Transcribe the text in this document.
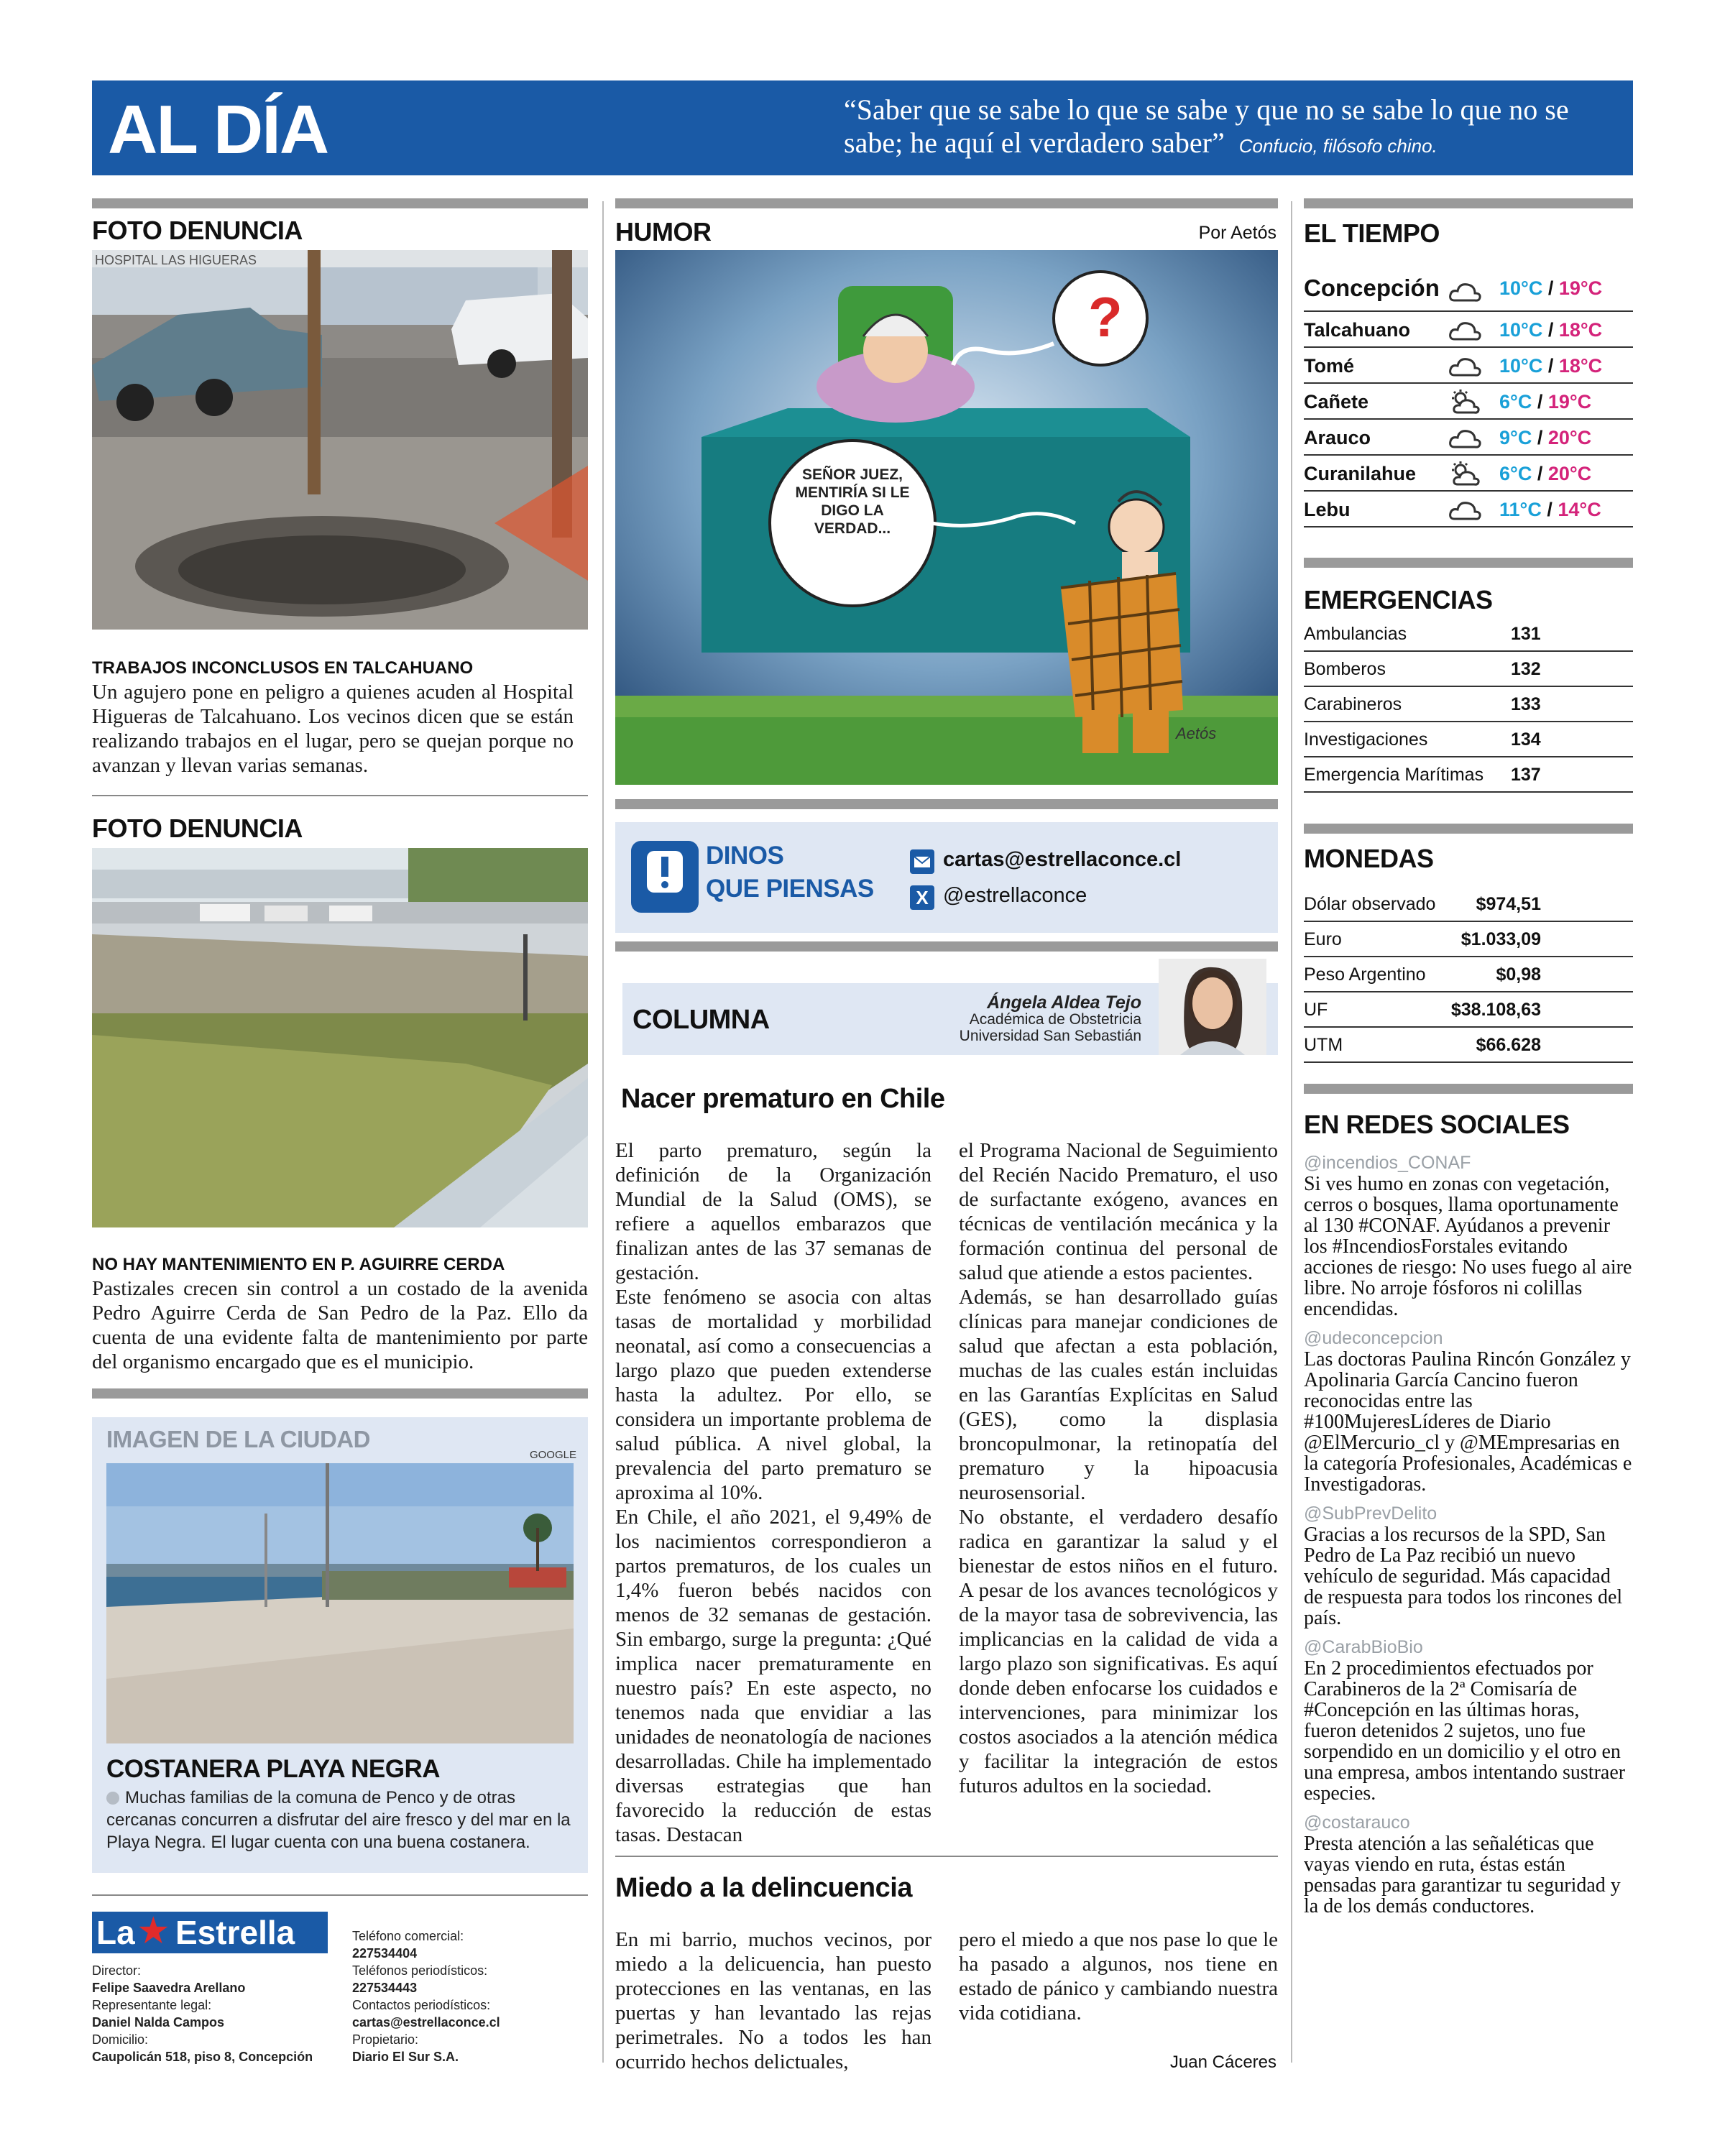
AL DÍA	“Saber que se sabe lo que se sabe y que no se sabe lo que no se sabe; he aquí el verdadero saber” Confucio, filósofo chino.
FOTO DENUNCIA
HOSPITAL LAS HIGUERAS
TRABAJOS INCONCLUSOS EN TALCAHUANO
Un agujero pone en peligro a quienes acuden al Hospital Higueras de Talcahuano. Los vecinos dicen que se están realizando trabajos en el lugar, pero se quejan porque no avanzan y llevan varias semanas.
FOTO DENUNCIA
NO HAY MANTENIMIENTO EN P. AGUIRRE CERDA
Pastizales crecen sin control a un costado de la avenida Pedro Aguirre Cerda de San Pedro de la Paz. Ello da cuenta de una evidente falta de mantenimiento por parte del organismo encargado que es el municipio.
IMAGEN DE LA CIUDAD
GOOGLE
COSTANERA PLAYA NEGRA
Muchas familias de la comuna de Penco y de otras cercanas concurren a disfrutar del aire fresco y del mar en la Playa Negra. El lugar cuenta con una buena costanera.
La ★ Estrella
Director:
Felipe Saavedra Arellano
Representante legal:
Daniel Nalda Campos
Domicilio:
Caupolicán 518, piso 8, Concepción
Teléfono comercial:
227534404
Teléfonos periodísticos:
227534443
Contactos periodísticos:
cartas@estrellaconce.cl
Propietario:
Diario El Sur S.A.
HUMOR	Por Aetós
?
SEÑOR JUEZ, MENTIRÍA SI LE DIGO LA VERDAD...
Aetós
DINOS
QUE PIENSAS
cartas@estrellaconce.cl
X @estrellaconce
COLUMNA
Ángela Aldea Tejo
Académica de Obstetricia
Universidad San Sebastián
Nacer prematuro en Chile
El parto prematuro, según la definición de la Organización Mundial de la Salud (OMS), se refiere a aquellos embarazos que finalizan antes de las 37 semanas de gestación.
Este fenómeno se asocia con altas tasas de mortalidad y morbilidad neonatal, así como a consecuencias a largo plazo que pueden extenderse hasta la adultez. Por ello, se considera un importante problema de salud pública. A nivel global, la prevalencia del parto prematuro se aproxima al 10%.
En Chile, el año 2021, el 9,49% de los nacimientos correspondieron a partos prematuros, de los cuales un 1,4% fueron bebés nacidos con menos de 32 semanas de gestación. Sin embargo, surge la pregunta: ¿Qué implica nacer prematuramente en nuestro país? En este aspecto, no tenemos nada que envidiar a las unidades de neonatología de naciones desarrolladas. Chile ha implementado diversas estrategias que han favorecido la reducción de estas tasas. Destacan
el Programa Nacional de Seguimiento del Recién Nacido Prematuro, el uso de surfactante exógeno, avances en técnicas de ventilación mecánica y la formación continua del personal de salud que atiende a estos pacientes.
Además, se han desarrollado guías clínicas para manejar condiciones de salud que afectan a esta población, muchas de las cuales están incluidas en las Garantías Explícitas en Salud (GES), como la displasia broncopulmonar, la retinopatía del prematuro y la hipoacusia neurosensorial.
No obstante, el verdadero desafío radica en garantizar la salud y el bienestar de estos niños en el futuro. A pesar de los avances tecnológicos y de la mayor tasa de sobrevivencia, las implicancias en la calidad de vida a largo plazo son significativas. Es aquí donde deben enfocarse los cuidados e intervenciones, para minimizar los costos asociados a la atención médica y facilitar la integración de estos futuros adultos en la sociedad.
Miedo a la delincuencia
En mi barrio, muchos vecinos, por miedo a la delicuencia, han puesto protecciones en las ventanas, en las puertas y han levantado las rejas perimetrales. No a todos les han ocurrido hechos delictuales,
pero el miedo a que nos pase lo que le ha pasado a algunos, nos tiene en estado de pánico y cambiando nuestra vida cotidiana.
Juan Cáceres
EL TIEMPO
Concepción	10°C / 19°C
Talcahuano	10°C / 18°C
Tomé	10°C / 18°C
Cañete	6°C / 19°C
Arauco	9°C / 20°C
Curanilahue	6°C / 20°C
Lebu	11°C / 14°C
EMERGENCIAS
Ambulancias	131
Bomberos	132
Carabineros	133
Investigaciones	134
Emergencia Marítimas 137
MONEDAS
Dólar observado $974,51
Euro	$1.033,09
Peso Argentino	$0,98
UF	$38.108,63
UTM	$66.628
EN REDES SOCIALES
@incendios_CONAF
Si ves humo en zonas con vegetación, cerros o bosques, llama oportunamente al 130 #CONAF. Ayúdanos a prevenir los #IncendiosForstales evitando acciones de riesgo: No uses fuego al aire libre. No arroje fósforos ni colillas encendidas.
@udeconcepcion
Las doctoras Paulina Rincón González y Apolinaria García Cancino fueron reconocidas entre las #100MujeresLíderes de Diario @ElMercurio_cl y @MEmpresarias en la categoría Profesionales, Académicas e Investigadoras.
@SubPrevDelito
Gracias a los recursos de la SPD, San Pedro de La Paz recibió un nuevo vehículo de seguridad. Más capacidad de respuesta para todos los rincones del país.
@CarabBioBio
En 2 procedimientos efectuados por Carabineros de la 2ª Comisaría de #Concepción en las últimas horas, fueron detenidos 2 sujetos, uno fue sorpendido en un domicilio y el otro en una empresa, ambos intentando sustraer especies.
@costarauco
Presta atención a las señaléticas que vayas viendo en ruta, éstas están pensadas para garantizar tu seguridad y la de los demás conductores.
